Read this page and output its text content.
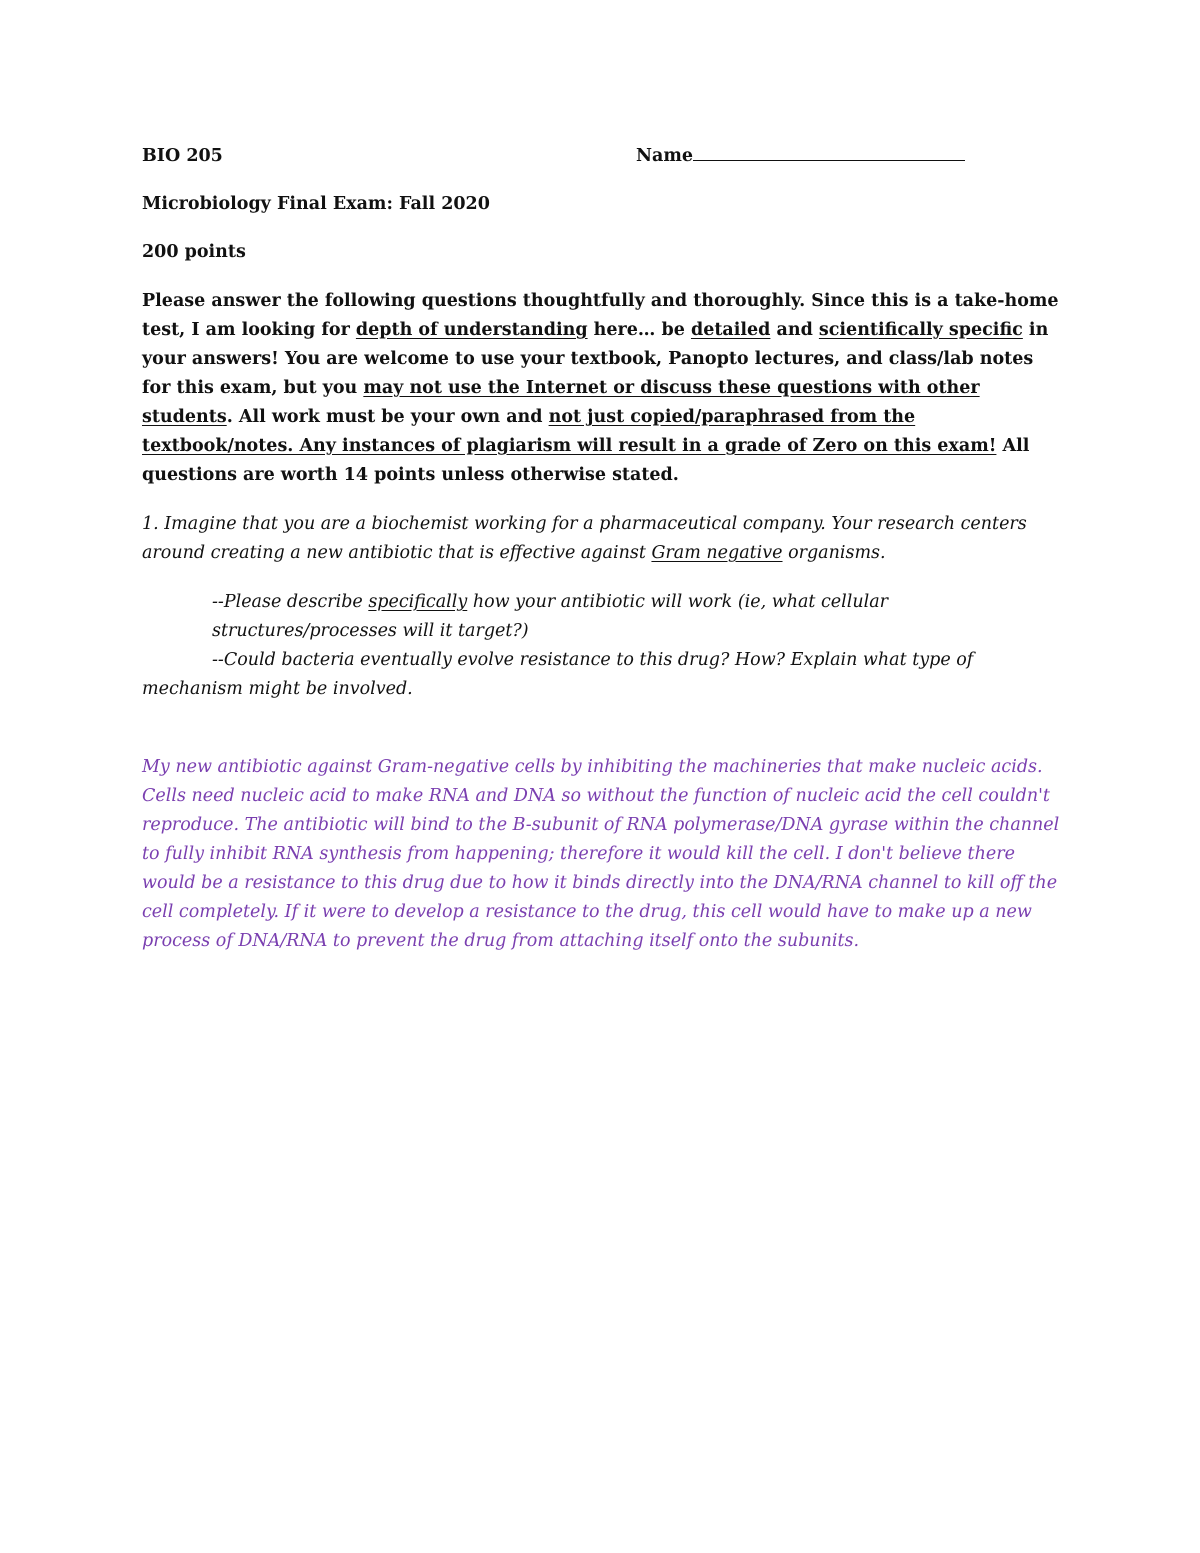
BIO 205	Name
Microbiology Final Exam: Fall 2020
200 points
Please answer the following questions thoughtfully and thoroughly. Since this is a take-home
test, I am looking for depth of understanding here… be detailed and scientifically specific in
your answers! You are welcome to use your textbook, Panopto lectures, and class/lab notes
for this exam, but you may not use the Internet or discuss these questions with other
students. All work must be your own and not just copied/paraphrased from the
textbook/notes. Any instances of plagiarism will result in a grade of Zero on this exam! All
questions are worth 14 points unless otherwise stated.
1. Imagine that you are a biochemist working for a pharmaceutical company. Your research centers
around creating a new antibiotic that is effective against Gram negative organisms.
--Please describe specifically how your antibiotic will work (ie, what cellular
structures/processes will it target?)
--Could bacteria eventually evolve resistance to this drug? How? Explain what type of
mechanism might be involved.
My new antibiotic against Gram-negative cells by inhibiting the machineries that make nucleic acids.
Cells need nucleic acid to make RNA and DNA so without the function of nucleic acid the cell couldn't
reproduce. The antibiotic will bind to the B-subunit of RNA polymerase/DNA gyrase within the channel
to fully inhibit RNA synthesis from happening; therefore it would kill the cell. I don't believe there
would be a resistance to this drug due to how it binds directly into the DNA/RNA channel to kill off the
cell completely. If it were to develop a resistance to the drug, this cell would have to make up a new
process of DNA/RNA to prevent the drug from attaching itself onto the subunits.
